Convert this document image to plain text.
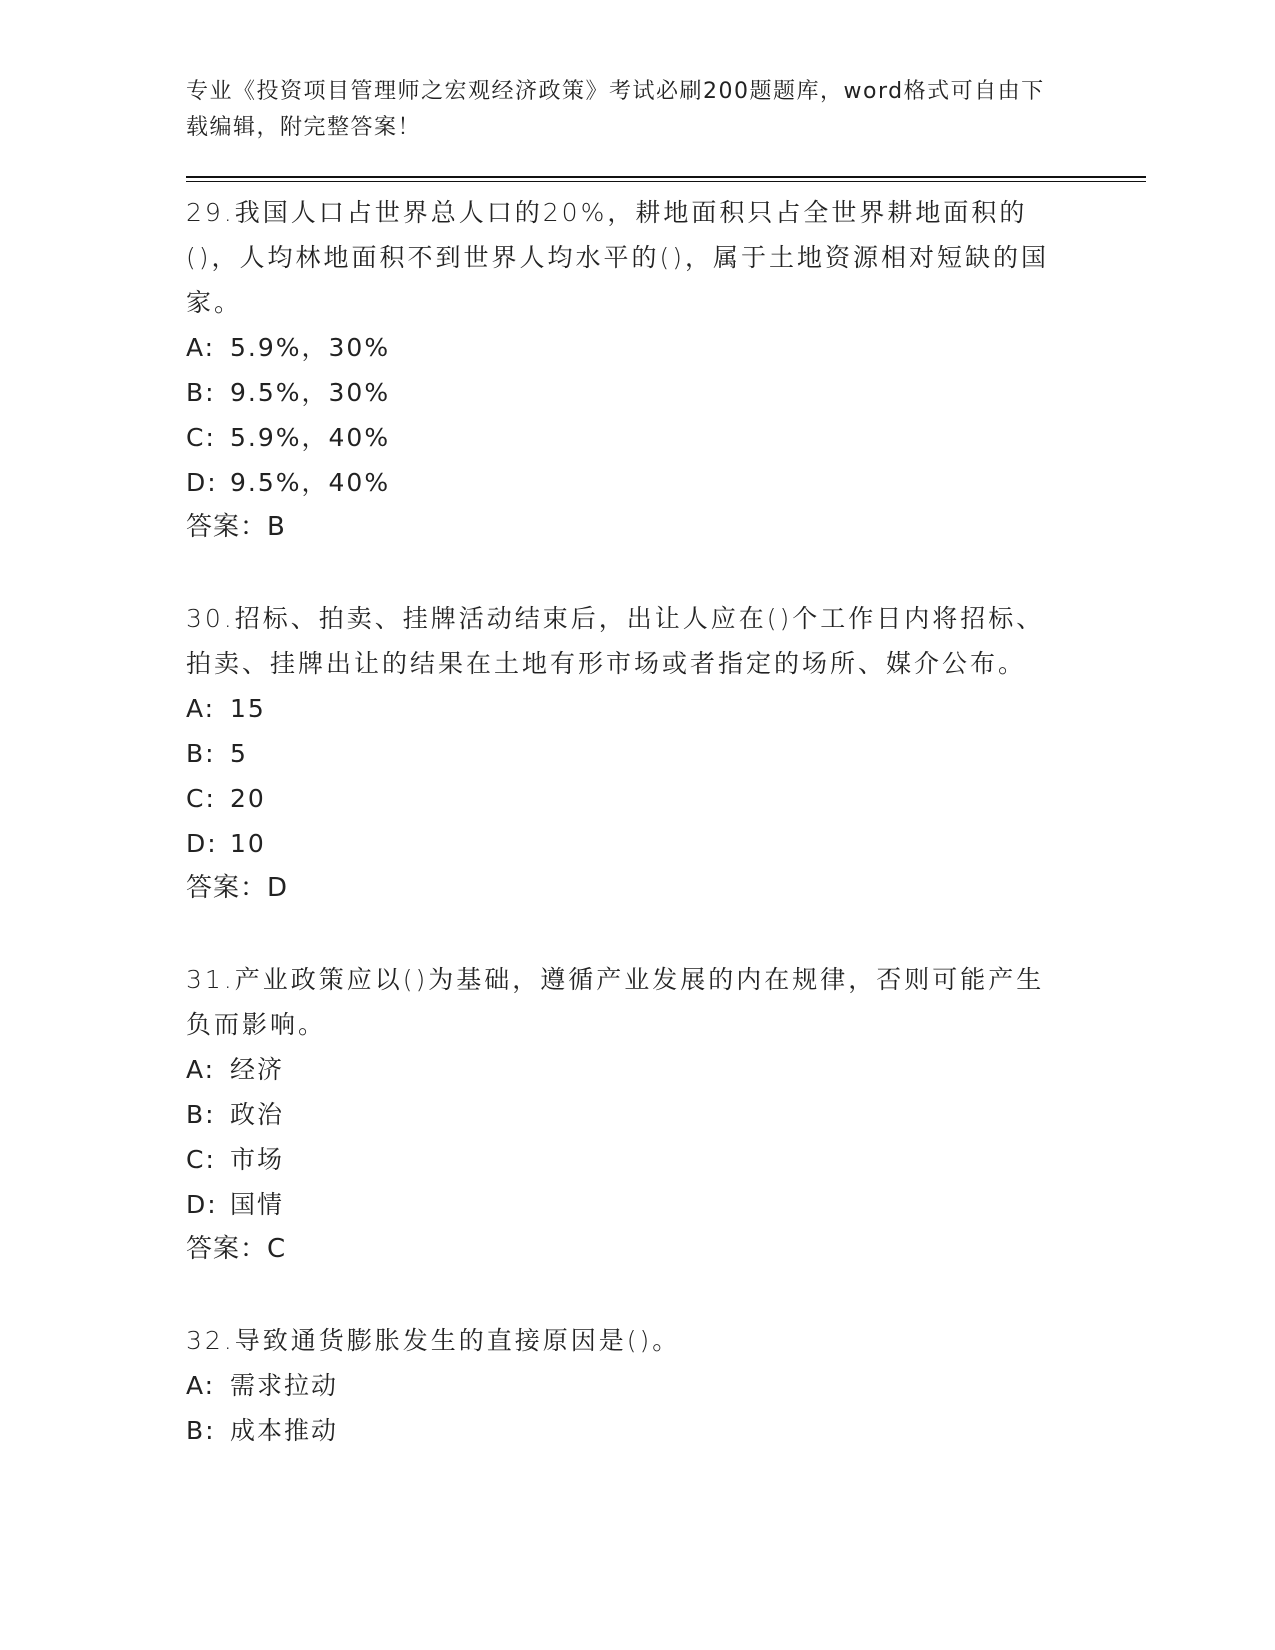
专业《投资项目管理师之宏观经济政策》考试必刷200题题库，word格式可自由下载编辑，附完整答案！
29.我国人口占世界总人口的20%，耕地面积只占全世界耕地面积的()，人均林地面积不到世界人均水平的()，属于土地资源相对短缺的国家。
A: 5.9%，30%
B: 9.5%，30%
C: 5.9%，40%
D: 9.5%，40%
答案：B
30.招标、拍卖、挂牌活动结束后，出让人应在()个工作日内将招标、拍卖、挂牌出让的结果在土地有形市场或者指定的场所、媒介公布。
A: 15
B: 5
C: 20
D: 10
答案：D
31.产业政策应以()为基础，遵循产业发展的内在规律，否则可能产生负而影响。
A: 经济
B: 政治
C: 市场
D: 国情
答案：C
32.导致通货膨胀发生的直接原因是()。
A: 需求拉动
B: 成本推动
